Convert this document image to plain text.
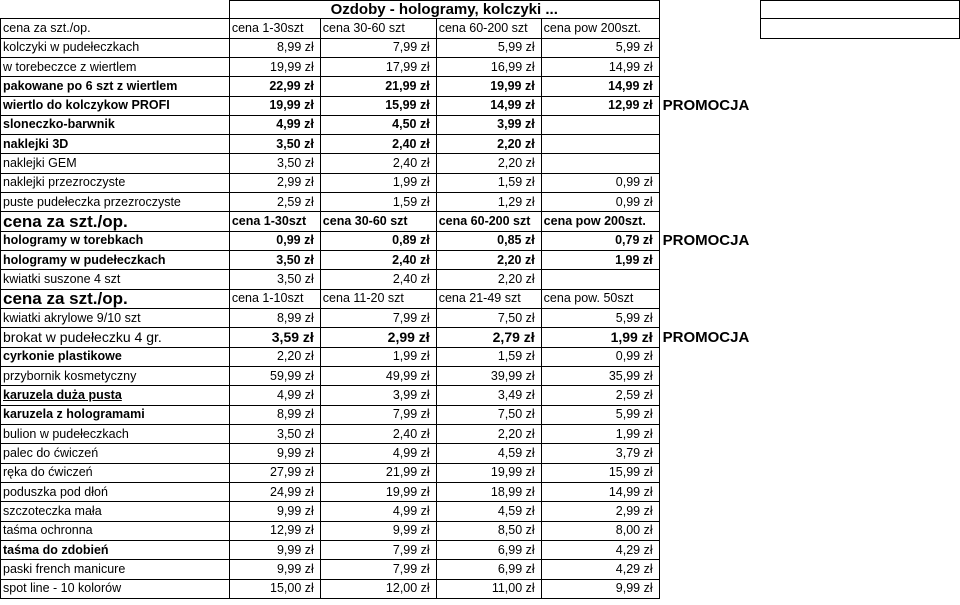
	Ozdoby - hologramy, kolczyki ...					
cena za szt./op.	cena 1-30szt	cena 30-60 szt	cena 60-200 szt	cena pow 200szt.		
kolczyki w pudełeczkach	8,99 zł	7,99 zł	5,99 zł	5,99 zł		
w torebeczce z wiertlem	19,99 zł	17,99 zł	16,99 zł	14,99 zł		
pakowane po 6 szt z wiertlem	22,99 zł	21,99 zł	19,99 zł	14,99 zł		
wiertlo do kolczykow PROFI	19,99 zł	15,99 zł	14,99 zł	12,99 zł	PROMOCJA	
sloneczko-barwnik	4,99 zł	4,50 zł	3,99 zł			
naklejki 3D	3,50 zł	2,40 zł	2,20 zł			
naklejki GEM	3,50 zł	2,40 zł	2,20 zł			
naklejki przezroczyste	2,99 zł	1,99 zł	1,59 zł	0,99 zł		
puste pudełeczka przezroczyste	2,59 zł	1,59 zł	1,29 zł	0,99 zł		
cena za szt./op.	cena 1-30szt	cena 30-60 szt	cena 60-200 szt	cena pow 200szt.		
hologramy w torebkach	0,99 zł	0,89 zł	0,85 zł	0,79 zł	PROMOCJA	
hologramy w pudełeczkach	3,50 zł	2,40 zł	2,20 zł	1,99 zł		
kwiatki suszone 4 szt	3,50 zł	2,40 zł	2,20 zł			
cena za szt./op.	cena 1-10szt	cena 11-20 szt	cena 21-49 szt	cena pow. 50szt		
kwiatki akrylowe 9/10 szt	8,99 zł	7,99 zł	7,50 zł	5,99 zł		
brokat w pudełeczku 4 gr.	3,59 zł	2,99 zł	2,79 zł	1,99 zł	PROMOCJA	
cyrkonie plastikowe	2,20 zł	1,99 zł	1,59 zł	0,99 zł		
przybornik kosmetyczny	59,99 zł	49,99 zł	39,99 zł	35,99 zł		
karuzela duża pusta	4,99 zł	3,99 zł	3,49 zł	2,59 zł		
karuzela z hologramami	8,99 zł	7,99 zł	7,50 zł	5,99 zł		
bulion w pudełeczkach	3,50 zł	2,40 zł	2,20 zł	1,99 zł		
palec do ćwiczeń	9,99 zł	4,99 zł	4,59 zł	3,79 zł		
ręka do ćwiczeń	27,99 zł	21,99 zł	19,99 zł	15,99 zł		
poduszka pod dłoń	24,99 zł	19,99 zł	18,99 zł	14,99 zł		
szczoteczka mała	9,99 zł	4,99 zł	4,59 zł	2,99 zł		
taśma ochronna	12,99 zł	9,99 zł	8,50 zł	8,00 zł		
taśma do zdobień	9,99 zł	7,99 zł	6,99 zł	4,29 zł		
paski french manicure	9,99 zł	7,99 zł	6,99 zł	4,29 zł		
spot line - 10 kolorów	15,00 zł	12,00 zł	11,00 zł	9,99 zł		
